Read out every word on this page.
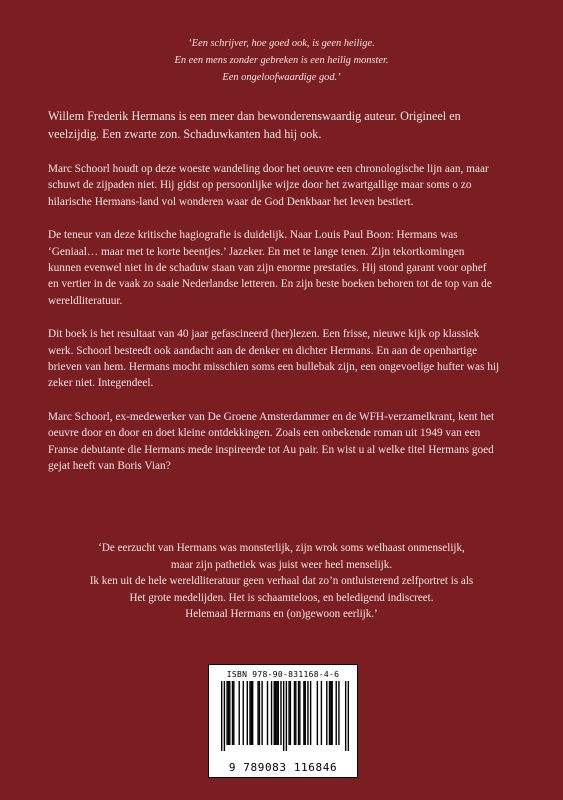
‘Een schrijver, hoe goed ook, is geen heilige.
En een mens zonder gebreken is een heilig monster.
Een ongeloofwaardige god.’
Willem Frederik Hermans is een meer dan bewonderenswaardig auteur. Origineel en
veelzijdig. Een zwarte zon. Schaduwkanten had hij ook.
Marc Schoorl houdt op deze woeste wandeling door het oeuvre een chronologische lijn aan, maar
schuwt de zijpaden niet. Hij gidst op persoonlijke wijze door het zwartgallige maar soms o zo
hilarische Hermans-land vol wonderen waar de God Denkbaar het leven bestiert.
De teneur van deze kritische hagiografie is duidelijk. Naar Louis Paul Boon: Hermans was
‘Geniaal… maar met te korte beentjes.’ Jazeker. En met te lange tenen. Zijn tekortkomingen
kunnen evenwel niet in de schaduw staan van zijn enorme prestaties. Hij stond garant voor ophef
en vertier in de vaak zo saaie Nederlandse letteren. En zijn beste boeken behoren tot de top van de
wereldliteratuur.
Dit boek is het resultaat van 40 jaar gefascineerd (her)lezen. Een frisse, nieuwe kijk op klassiek
werk. Schoorl besteedt ook aandacht aan de denker en dichter Hermans. En aan de openhartige
brieven van hem. Hermans mocht misschien soms een bullebak zijn, een ongevoelige hufter was hij
zeker niet. Integendeel.
Marc Schoorl, ex-medewerker van De Groene Amsterdammer en de WFH-verzamelkrant, kent het
oeuvre door en door en doet kleine ontdekkingen. Zoals een onbekende roman uit 1949 van een
Franse debutante die Hermans mede inspireerde tot Au pair. En wist u al welke titel Hermans goed
gejat heeft van Boris Vian?
‘De eerzucht van Hermans was monsterlijk, zijn wrok soms welhaast onmenselijk,
maar zijn pathetiek was juist weer heel menselijk.
Ik ken uit de hele wereldliteratuur geen verhaal dat zo’n ontluisterend zelfportret is als
Het grote medelijden. Het is schaamteloos, en beledigend indiscreet.
Helemaal Hermans en (on)gewoon eerlijk.’
ISBN 978-90-831168-4-6
9 789083 116846
